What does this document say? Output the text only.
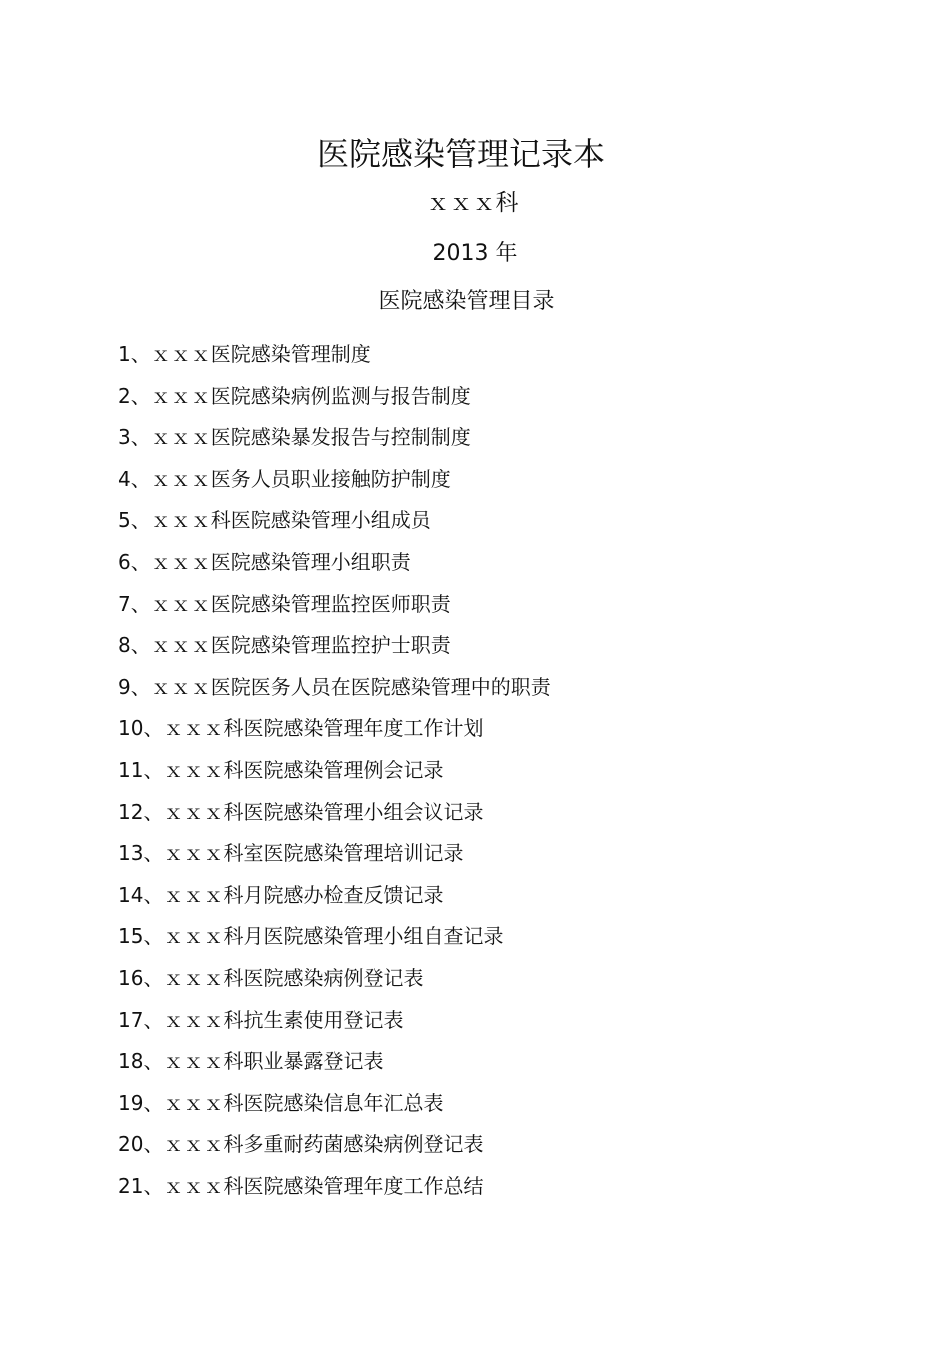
医院感染管理记录本
ｘｘｘ科
2013 年
医院感染管理目录
1、ｘｘｘ医院感染管理制度
2、ｘｘｘ医院感染病例监测与报告制度
3、ｘｘｘ医院感染暴发报告与控制制度
4、ｘｘｘ医务人员职业接触防护制度
5、ｘｘｘ科医院感染管理小组成员
6、ｘｘｘ医院感染管理小组职责
7、ｘｘｘ医院感染管理监控医师职责
8、ｘｘｘ医院感染管理监控护士职责
9、ｘｘｘ医院医务人员在医院感染管理中的职责
10、ｘｘｘ科医院感染管理年度工作计划
11、ｘｘｘ科医院感染管理例会记录
12、ｘｘｘ科医院感染管理小组会议记录
13、ｘｘｘ科室医院感染管理培训记录
14、ｘｘｘ科月院感办检查反馈记录
15、ｘｘｘ科月医院感染管理小组自查记录
16、ｘｘｘ科医院感染病例登记表
17、ｘｘｘ科抗生素使用登记表
18、ｘｘｘ科职业暴露登记表
19、ｘｘｘ科医院感染信息年汇总表
20、ｘｘｘ科多重耐药菌感染病例登记表
21、ｘｘｘ科医院感染管理年度工作总结
